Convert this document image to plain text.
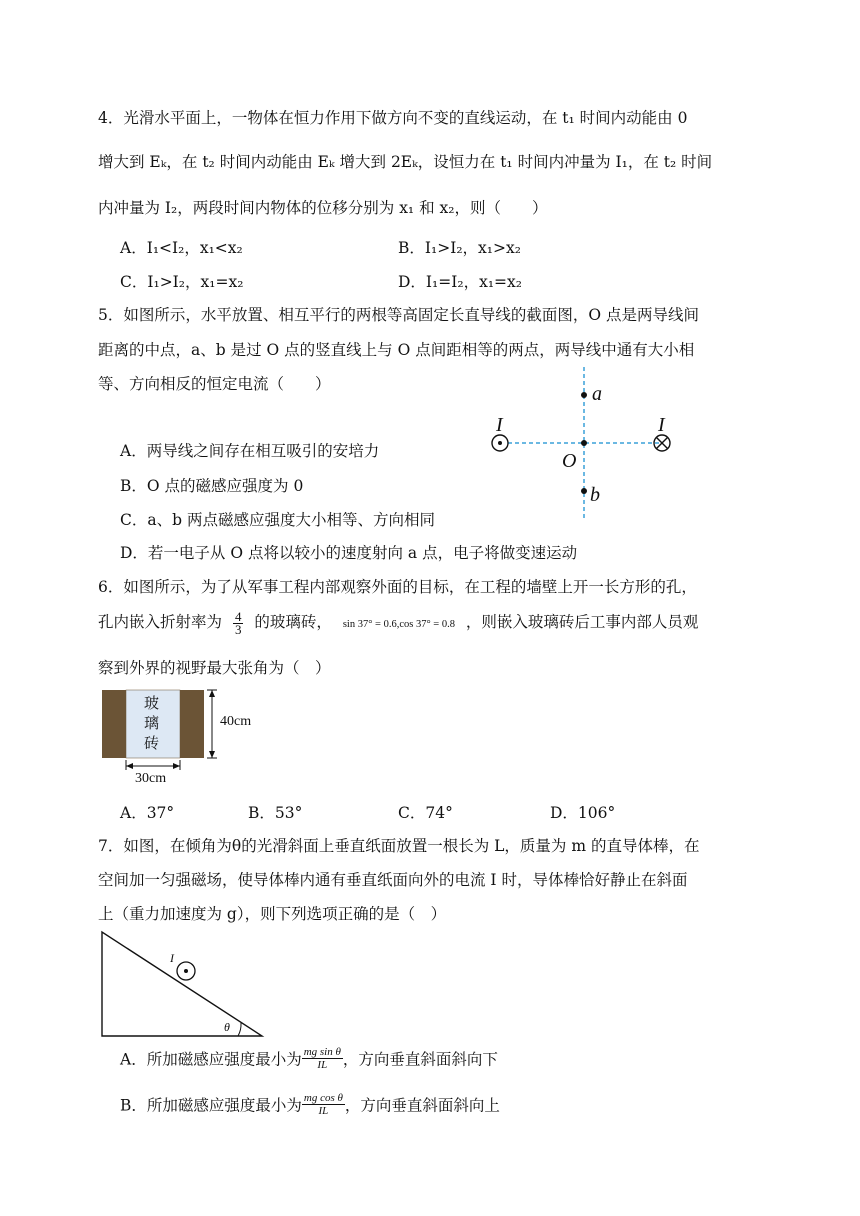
4．光滑水平面上，一物体在恒力作用下做方向不变的直线运动，在 t₁ 时间内动能由 0
增大到 Eₖ，在 t₂ 时间内动能由 Eₖ 增大到 2Eₖ，设恒力在 t₁ 时间内冲量为 I₁，在 t₂ 时间
内冲量为 I₂，两段时间内物体的位移分别为 x₁ 和 x₂，则（　　）
A．I₁<I₂，x₁<x₂	B．I₁>I₂，x₁>x₂
C．I₁>I₂，x₁=x₂	D．I₁=I₂，x₁=x₂
5．如图所示，水平放置、相互平行的两根等高固定长直导线的截面图，O 点是两导线间
距离的中点，a、b 是过 O 点的竖直线上与 O 点间距相等的两点，两导线中通有大小相
等、方向相反的恒定电流（　　）
I	I
a
O
b
A．两导线之间存在相互吸引的安培力
B．O 点的磁感应强度为 0
C．a、b 两点磁感应强度大小相等、方向相同
D．若一电子从 O 点将以较小的速度射向 a 点，电子将做变速运动
6．如图所示，为了从军事工程内部观察外面的目标，在工程的墙壁上开一长方形的孔，
孔内嵌入折射率为 $\frac{4}{3}$ 的玻璃砖， sin 37° = 0.6,cos 37° = 0.8 ，则嵌入玻璃砖后工事内部人员观
察到外界的视野最大张角为（　）
玻
璃
砖
40cm
30cm
A．37°	B．53°	C．74°	D．106°
7．如图，在倾角为θ的光滑斜面上垂直纸面放置一根长为 L，质量为 m 的直导体棒，在
空间加一匀强磁场，使导体棒内通有垂直纸面向外的电流 I 时，导体棒恰好静止在斜面
上（重力加速度为 g），则下列选项正确的是（　）
I
θ
A．所加磁感应强度最小为 $\frac{\text{mg sin θ}}{IL}$ ，方向垂直斜面斜向下
B．所加磁感应强度最小为 $\frac{\text{mg cos θ}}{IL}$ ，方向垂直斜面斜向上
